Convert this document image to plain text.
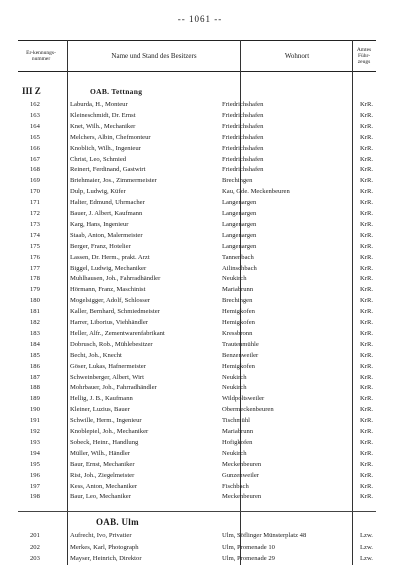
-- 1061 --
Er-kennungs-nummer	Name und Stand des Besitzers	Wohnort
Amtes Führ-zeugs
III Z	OAB. Tettnang
162	Laburda, H., Monteur	Friedrichshafen	KrR.
163	Kleineschmidt, Dr. Ernst	Friedrichshafen	KrR.
164	Knet, Wilh., Mechaniker	Friedrichshafen	KrR.
165	Melchers, Albin, Chefmonteur	Friedrichshafen	KrR.
166	Knoblich, Wilh., Ingenieur	Friedrichshafen	KrR.
167	Christ, Leo, Schmied	Friedrichshafen	KrR.
168	Reinert, Ferdinand, Gastwirt	Friedrichshafen	KrR.
169	Briehmaier, Jos., Zimmermeister	Brechingen	KrR.
170	Dulp, Ludwig, Küfer	Kau, Gde. Meckenbeuren	KrR.
171	Halter, Edmund, Uhrmacher	Langenargen	KrR.
172	Bauer, J. Albert, Kaufmann	Langenargen	KrR.
173	Karg, Hans, Ingenieur	Langenargen	KrR.
174	Staab, Anton, Malermeister	Langenargen	KrR.
175	Berger, Franz, Hotelier	Langenargen	KrR.
176	Lassen, Dr. Herm., prakt. Arzt	Tannenbach	KrR.
177	Biggel, Ludwig, Mechaniker	Ailinschbach	KrR.
178	Muhlhausen, Joh., Fahrradhändler	Neukirch	KrR.
179	Hörmann, Franz, Maschinist	Mariabrunn	KrR.
180	Mogelsigger, Adolf, Schlosser	Brechingen	KrR.
181	Kaller, Bernhard, Schmiedmeister	Hemigkofen	KrR.
182	Harrer, Liborius, Viehhändler	Hemigkofen	KrR.
183	Heller, Alfr., Zementwarenfabrikant	Kressbronn	KrR.
184	Dobrusch, Rob., Mühlebesitzer	Trautenmühle	KrR.
185	Becht, Joh., Knecht	Benzenweiler	KrR.
186	Göser, Lukas, Hafnermeister	Hemigkofen	KrR.
187	Schweinberger, Albert, Wirt	Neukirch	KrR.
188	Mohrbauer, Joh., Fahrradhändler	Neukirch	KrR.
189	Hellig, J. B., Kaufmann	Wildpoltsweiler	KrR.
190	Kleiner, Luzius, Bauer	Obermeckenbeuren	KrR.
191	Schwille, Herm., Ingenieur	Tischmühl	KrR.
192	Knoblepiel, Joh., Mechaniker	Mariabrunn	KrR.
193	Sobeck, Heinr., Handlung	Hofigkofen	KrR.
194	Müller, Wilh., Händler	Neukirch	KrR.
195	Baur, Ernst, Mechaniker	Meckenbeuren	KrR.
196	Rist, Joh., Ziegelmeister	Gunzenweiler	KrR.
197	Kess, Anton, Mechaniker	Fischbach	KrR.
198	Baur, Leo, Mechaniker	Meckenbeuren	KrR.
OAB. Ulm
201	Aufrecht, Ivo, Privatier	Ulm, Söflinger Münsterplatz 48	Lzw.
202	Merkes, Karl, Photograph	Ulm, Promenade 10	Lzw.
203	Mayser, Heinrich, Direktor	Ulm, Promenade 29	Lzw.
